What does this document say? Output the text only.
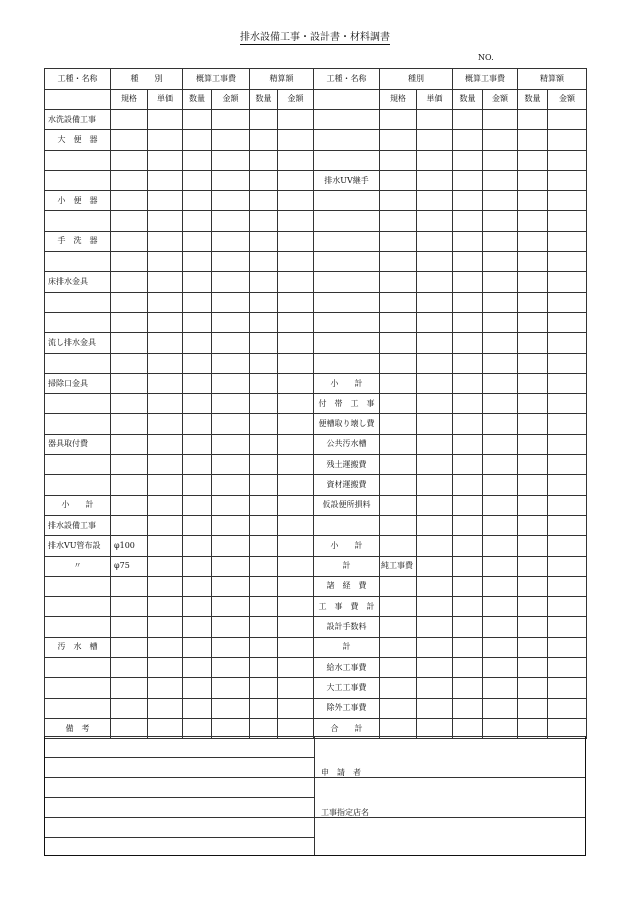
排水設備工事・設計書・材料調書
NO.
工種・名称	種　　別		概算工事費		精算額		工種・名称	種別		概算工事費		精算額	
	規格	単価	数量	金額	数量	金額		規格	単価	数量	金額	数量	金額
水洗設備工事													
大　便　器													

							排水UV継手						
小　便　器													

手　洗　器													

床排水金具													

流し排水金具													

掃除口金具							小　　計						
							付　帯　工　事						
							便槽取り壊し費						
器具取付費							公共汚水槽						
							残土運搬費						
							資材運搬費						
小　　計							仮設便所損料						
排水設備工事													
排水VU管布設	φ100						小　　計						
〃	φ75						計	純工事費					
							諸　経　費						
							工　事　費　計						
							設計手数料						
汚　水　槽							計						
							給水工事費						
							大工工事費						
							除外工事費						
備　考							合　　計						
申　請　者
工事指定店名
